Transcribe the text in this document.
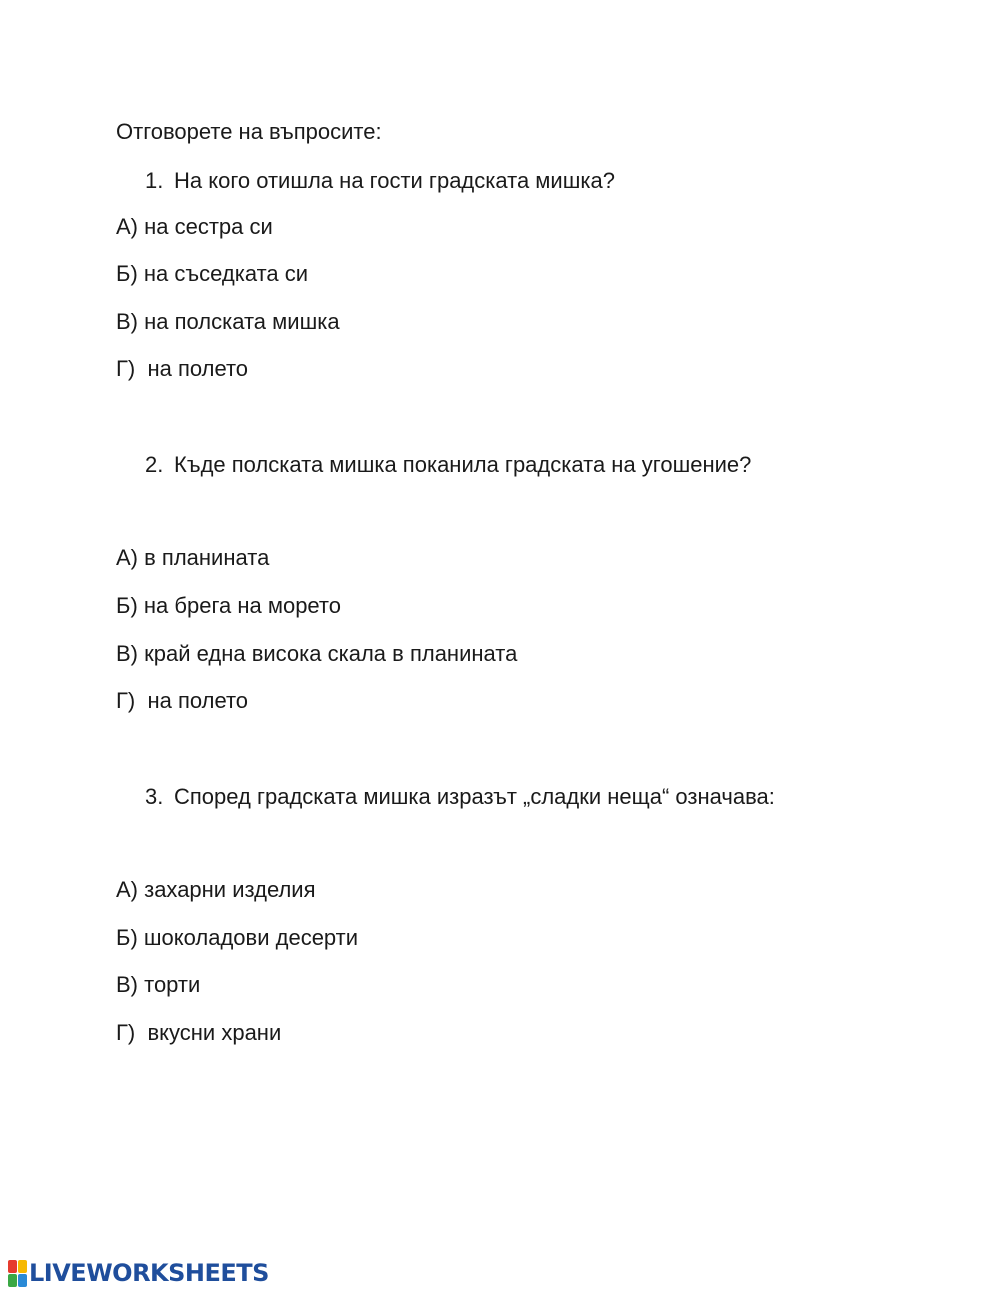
Отговорете на въпросите:
1. На кого отишла на гости градската мишка?
А) на сестра си
Б) на съседката си
В) на полската мишка
Г)  на полето
2. Къде полската мишка поканила градската на угошение?
А) в планината
Б) на брега на морето
В) край една висока скала в планината
Г)  на полето
3. Според градската мишка изразът „сладки неща“ означава:
А) захарни изделия
Б) шоколадови десерти
В) торти
Г)  вкусни храни
LIVEWORKSHEETS
